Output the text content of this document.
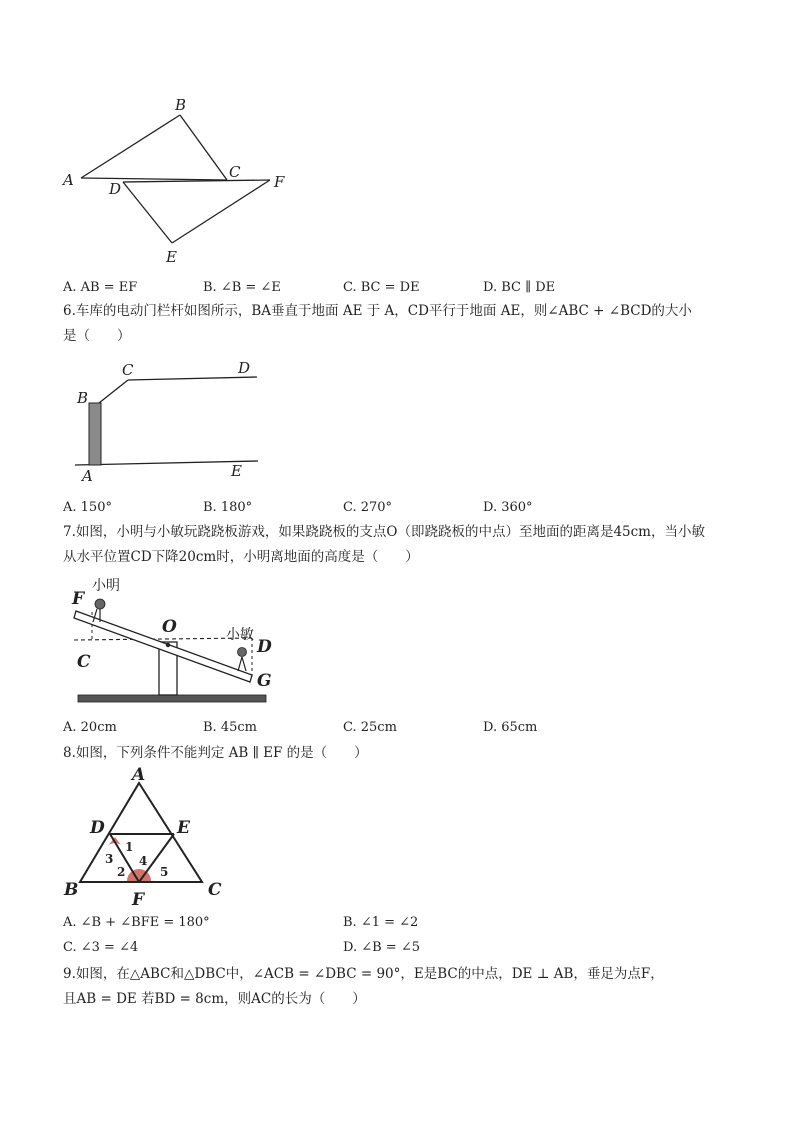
A
B
C
D
E
F
A. AB = EF	B. ∠B = ∠E	C. BC = DE	D. BC ∥ DE
6.车库的电动门栏杆如图所示，BA垂直于地面 AE 于 A，CD平行于地面 AE，则∠ABC + ∠BCD的大小
是（　　）
A
B
C	D
E
A. 150°	B. 180°	C. 270°	D. 360°
7.如图，小明与小敏玩跷跷板游戏，如果跷跷板的支点O（即跷跷板的中点）至地面的距离是45cm，当小敏
从水平位置CD下降20cm时，小明离地面的高度是（　　）
F
小明
O	小敏
D
C
G
A. 20cm	B. 45cm	C. 25cm	D. 65cm
8.如图，下列条件不能判定 AB ∥ EF 的是（　　）
A
D	E
B	F	C
1
3 4
2	5
A. ∠B + ∠BFE = 180°	B. ∠1 = ∠2
C. ∠3 = ∠4	D. ∠B = ∠5
9.如图，在△ABC和△DBC中，∠ACB = ∠DBC = 90°，E是BC的中点，DE ⊥ AB，垂足为点F，
且AB = DE 若BD = 8cm，则AC的长为（　　）
